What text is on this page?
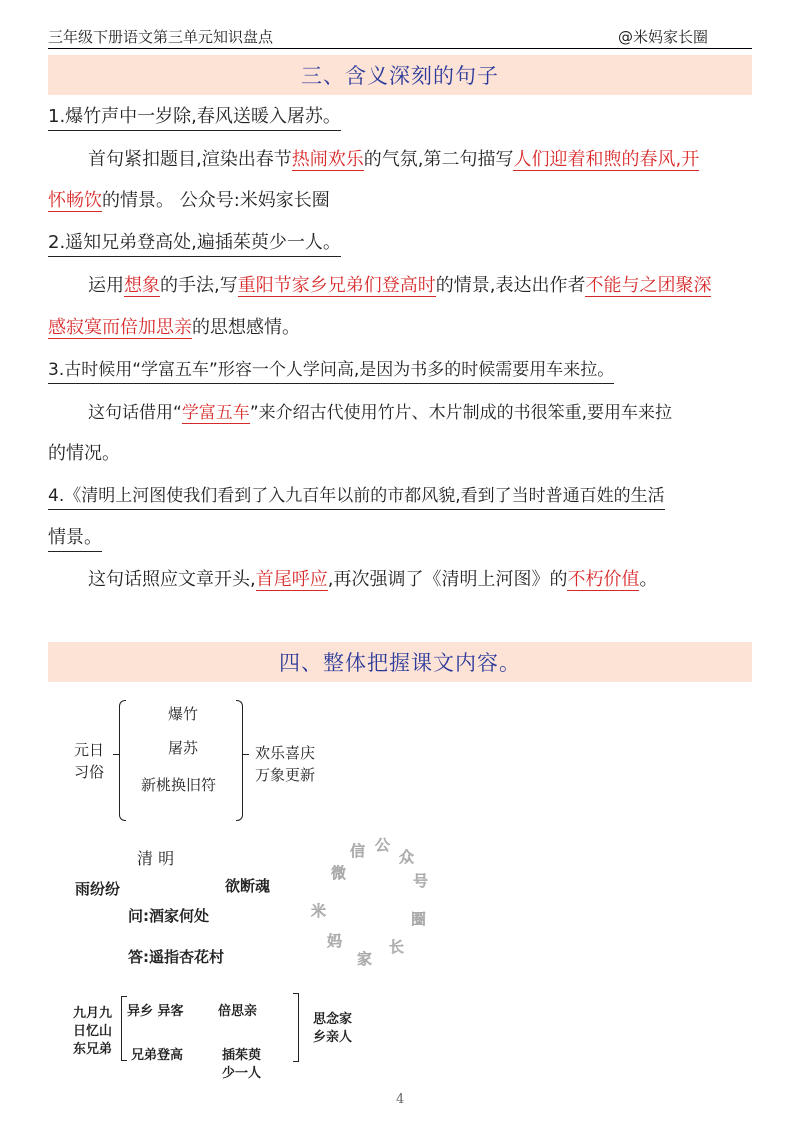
三年级下册语文第三单元知识盘点	@米妈家长圈
三、含义深刻的句子
1.爆竹声中一岁除,春风送暖入屠苏。
首句紧扣题目,渲染出春节热闹欢乐的气氛,第二句描写人们迎着和煦的春风,开
怀畅饮的情景。 公众号:米妈家长圈
2.遥知兄弟登高处,遍插茱萸少一人。
运用想象的手法,写重阳节家乡兄弟们登高时的情景,表达出作者不能与之团聚深
感寂寞而倍加思亲的思想感情。
3.古时候用“学富五车”形容一个人学问高,是因为书多的时候需要用车来拉。
这句话借用“学富五车”来介绍古代使用竹片、木片制成的书很笨重,要用车来拉
的情况。
4.《清明上河图使我们看到了入九百年以前的市都风貌,看到了当时普通百姓的生活
情景。
这句话照应文章开头,首尾呼应,再次强调了《清明上河图》的不朽价值。
四、整体把握课文内容。
元日
习俗
爆竹
屠苏
新桃换旧符
欢乐喜庆
万象更新
清 明
雨纷纷	欲断魂
问:酒家何处
答:遥指杏花村
微
信 公
众
号
米
妈
家
长
圈
九月九
日忆山
东兄弟
异乡 异客	倍思亲
兄弟登高	插茱萸
少一人
思念家
乡亲人
4
